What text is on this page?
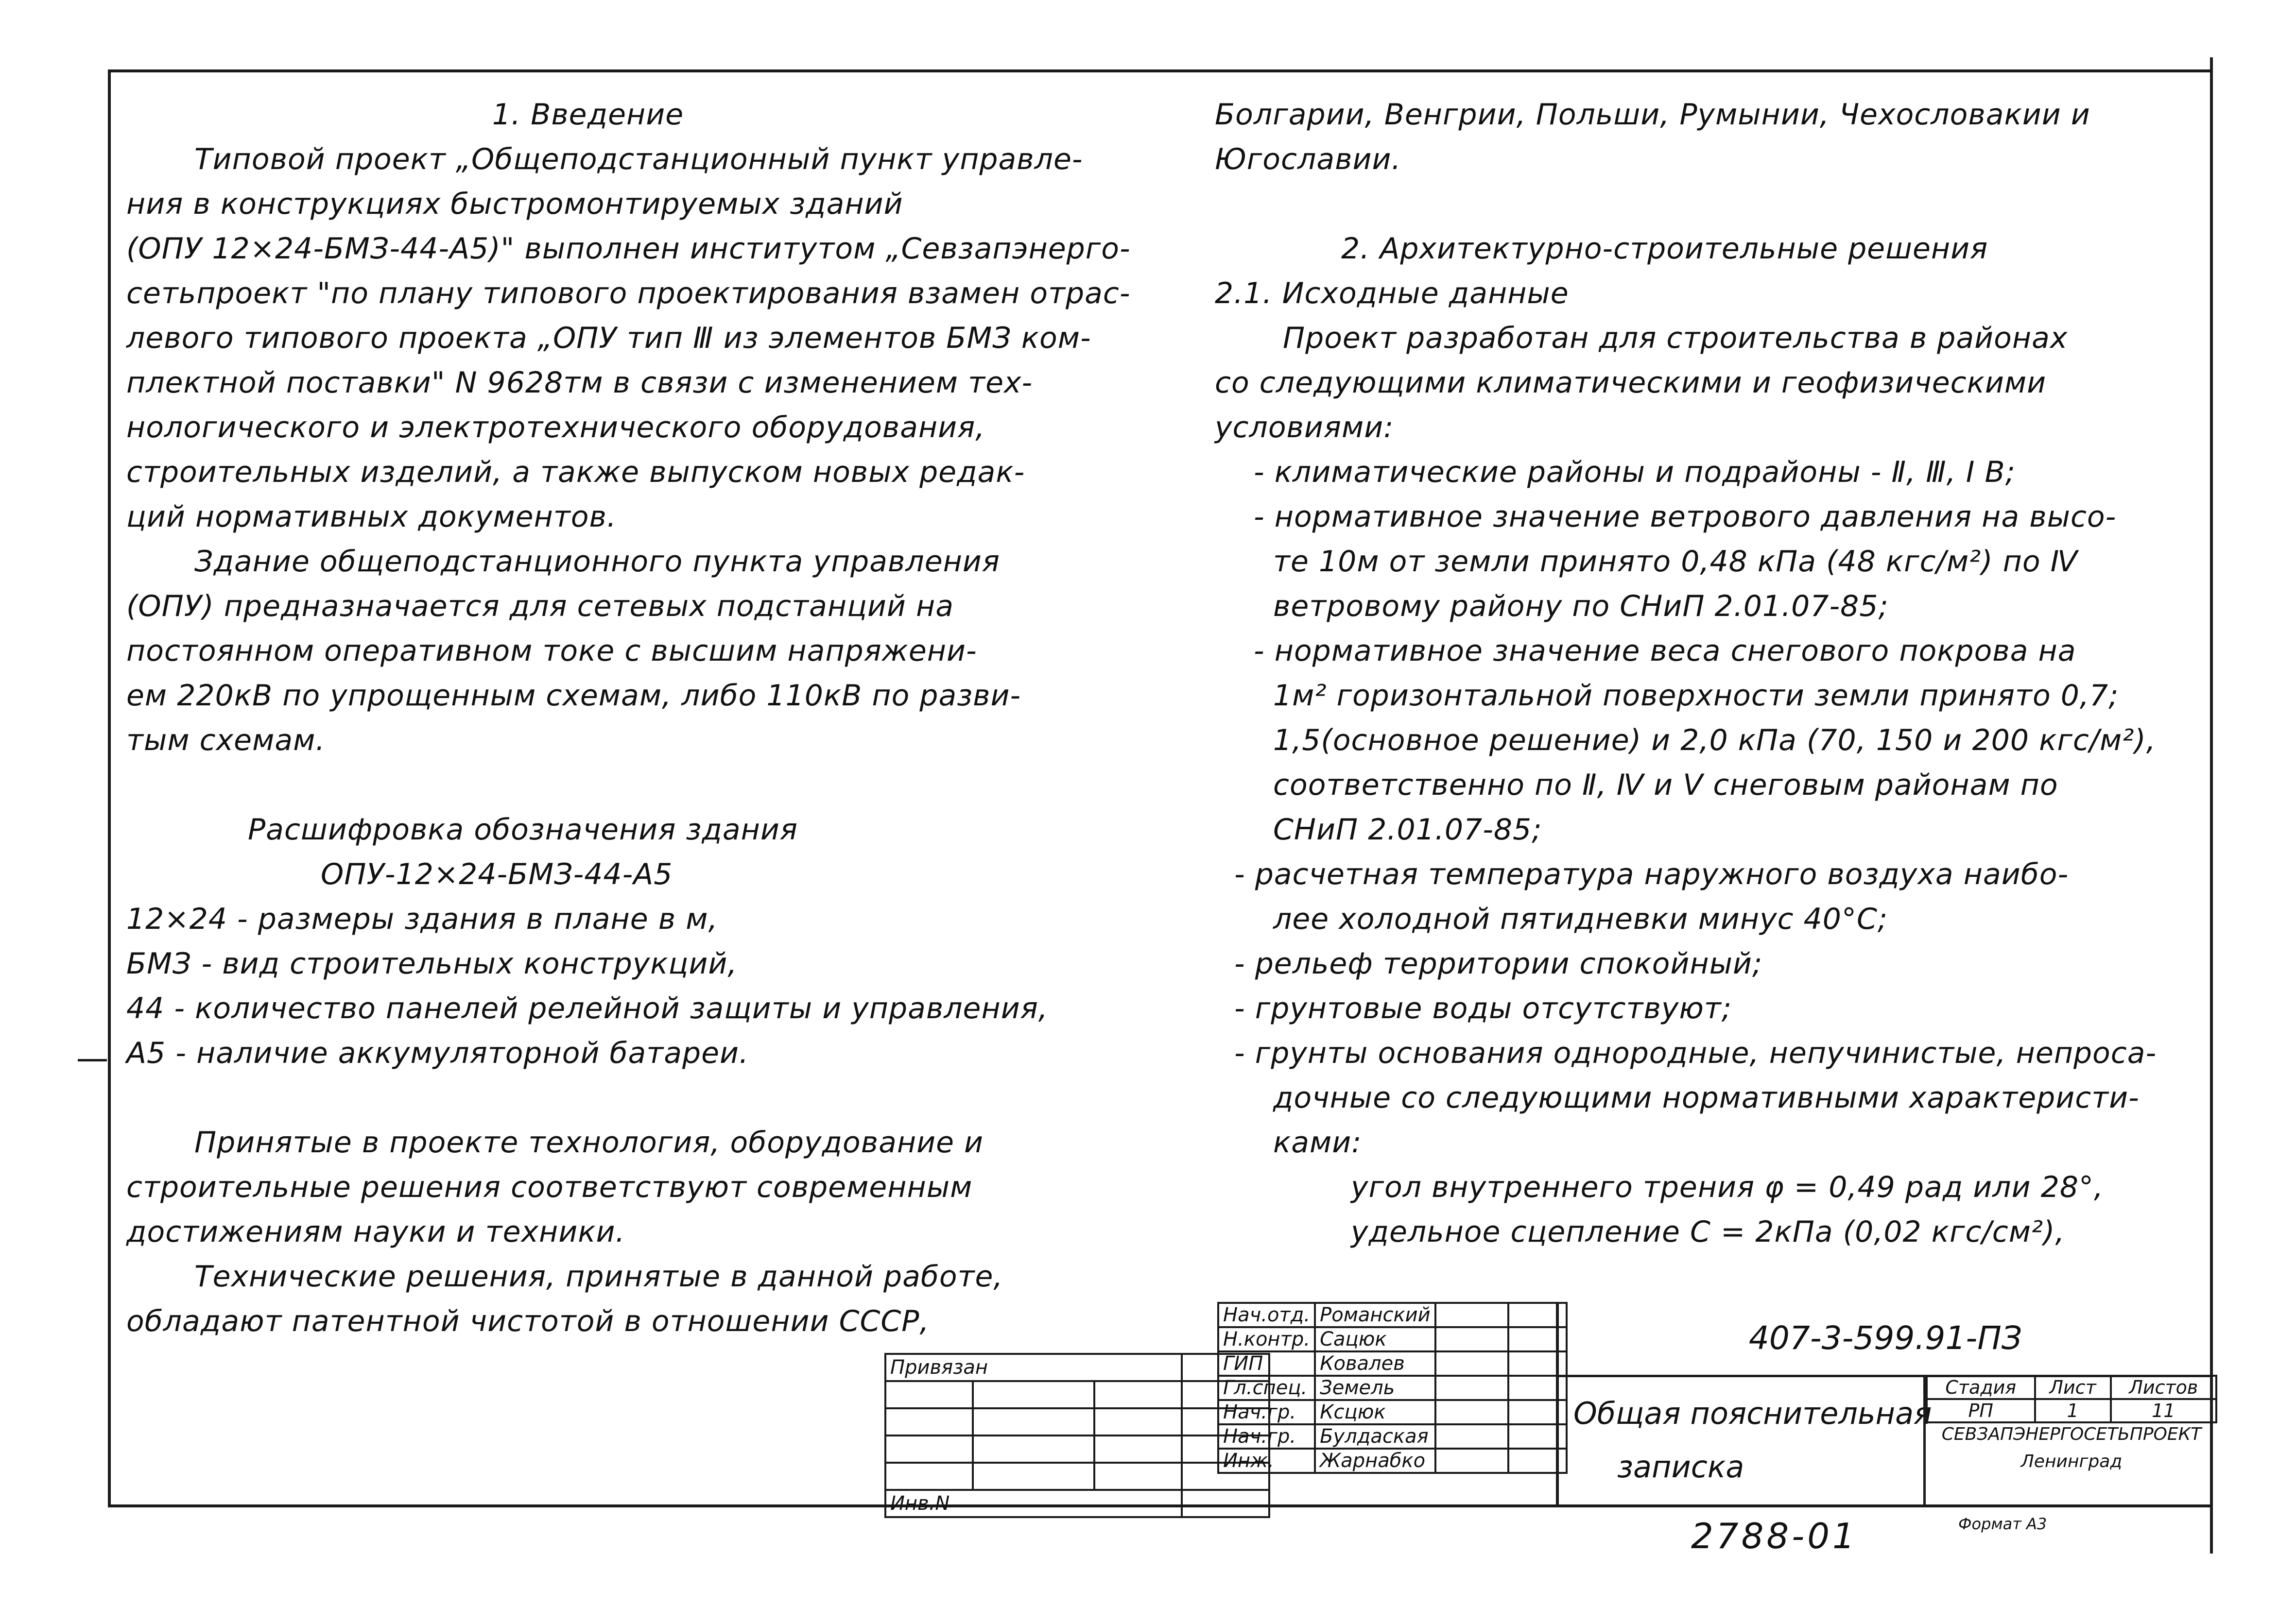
1. Введение
Типовой проект „Общеподстанционный пункт управле-
ния в конструкциях быстромонтируемых зданий
(ОПУ 12×24-БМЗ-44-А5)" выполнен институтом „Севзапэнерго-
сетьпроект "по плану типового проектирования взамен отрас-
левого типового проекта „ОПУ тип Ⅲ из элементов БМЗ ком-
плектной поставки" N 9628тм в связи с изменением тех-
нологического и электротехнического оборудования,
строительных изделий, а также выпуском новых редак-
ций нормативных документов.
Здание общеподстанционного пункта управления
(ОПУ) предназначается для сетевых подстанций на
постоянном оперативном токе с высшим напряжени-
ем 220кВ по упрощенным схемам, либо 110кВ по разви-
тым схемам.
Расшифровка обозначения здания
ОПУ-12×24-БМЗ-44-А5
12×24 - размеры здания в плане в м,
БМЗ - вид строительных конструкций,
44 - количество панелей релейной защиты и управления,
А5 - наличие аккумуляторной батареи.
Принятые в проекте технология, оборудование и
строительные решения соответствуют современным
достижениям науки и техники.
Технические решения, принятые в данной работе,
обладают патентной чистотой в отношении СССР,
Болгарии, Венгрии, Польши, Румынии, Чехословакии и
Югославии.
2. Архитектурно-строительные решения
2.1. Исходные данные
Проект разработан для строительства в районах
со следующими климатическими и геофизическими
условиями:
- климатические районы и подрайоны - Ⅱ, Ⅲ, Ⅰ В;
- нормативное значение ветрового давления на высо-
те 10м от земли принято 0,48 кПа (48 кгс/м²) по Ⅳ
ветровому району по СНиП 2.01.07-85;
- нормативное значение веса снегового покрова на
1м² горизонтальной поверхности земли принято 0,7;
1,5(основное решение) и 2,0 кПа (70, 150 и 200 кгс/м²),
соответственно по Ⅱ, Ⅳ и Ⅴ снеговым районам по
СНиП 2.01.07-85;
- расчетная температура наружного воздуха наибо-
лее холодной пятидневки минус 40°С;
- рельеф территории спокойный;
- грунтовые воды отсутствуют;
- грунты основания однородные, непучинистые, непроса-
дочные со следующими нормативными характеристи-
ками:
угол внутреннего трения φ = 0,49 рад или 28°,
удельное сцепление С = 2кПа (0,02 кгс/см²),
Привязан			

Инв.N			
Нач.отд.	Романский		
Н.контр.	Сацюк		
ГИП	Ковалев		
Гл.спец.	Земель		
Нач.гр.	Ксцюк		
Нач.гр.	Булдаская		
Инж.	Жарнабко		
407-3-599.91-ПЗ
Общая пояснительная
записка
Стадия	Лист	Листов
РП	1	11
СЕВЗАПЭНЕРГОСЕТЬПРОЕКТ
Ленинград
2788-01	Формат А3
